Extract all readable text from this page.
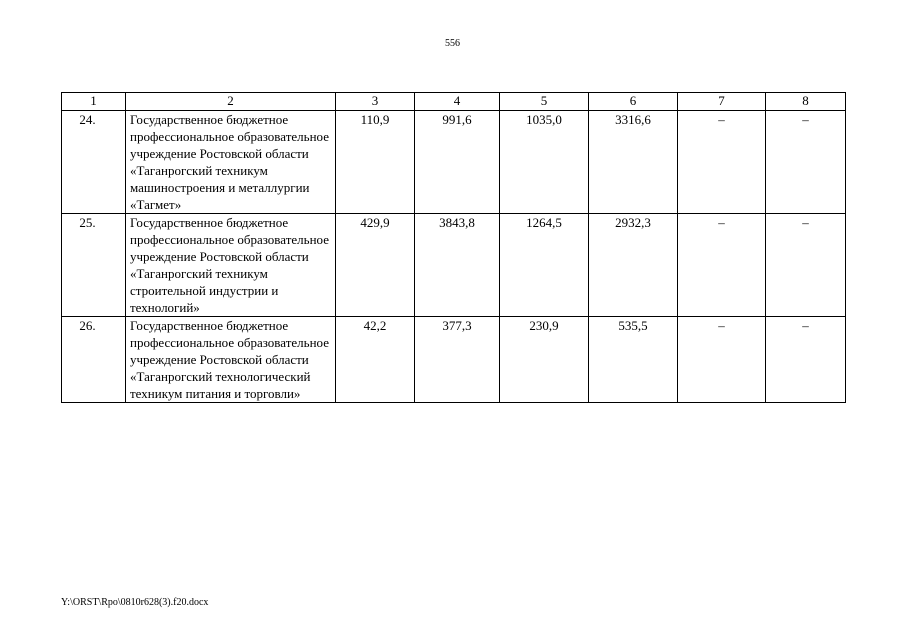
556
1	2	3	4	5	6	7	8
24.	Государственное бюджетное профессиональное образовательное учреждение Ростовской области «Таганрогский техникум машиностроения и металлургии «Тагмет»	110,9	991,6	1035,0	3316,6	–	–
25.	Государственное бюджетное профессиональное образовательное учреждение Ростовской области «Таганрогский техникум строительной индустрии и технологий»	429,9	3843,8	1264,5	2932,3	–	–
26.	Государственное бюджетное профессиональное образовательное учреждение Ростовской области «Таганрогский технологический техникум питания и торговли»	42,2	377,3	230,9	535,5	–	–
Y:\ORST\Rpo\0810r628(3).f20.docx
